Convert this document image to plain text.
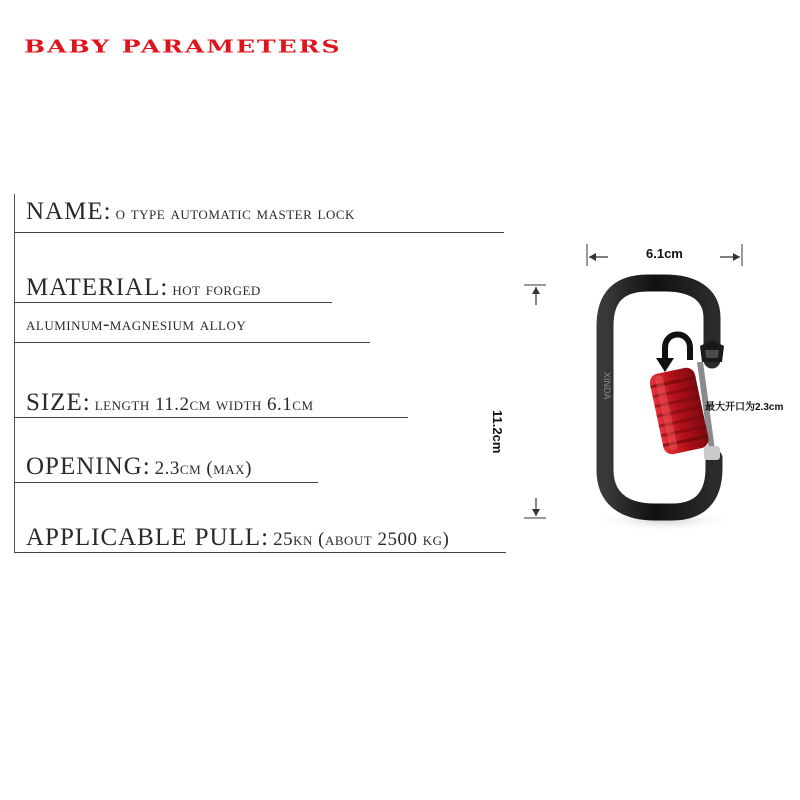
BABY PARAMETERS
NAME: o type automatic master lock
MATERIAL: hot forged
aluminum-magnesium alloy
SIZE: length 11.2cm width 6.1cm
OPENING: 2.3cm (max)
APPLICABLE PULL: 25kn (about 2500 kg)
6.1cm
11.2cm
最大开口为2.3cm
XINDA
